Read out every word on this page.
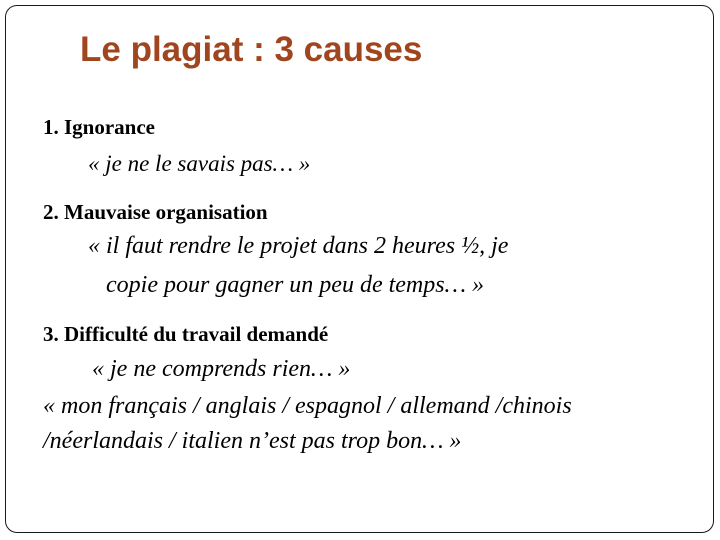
Le plagiat : 3 causes

1. Ignorance

« je ne le savais pas… »

2. Mauvaise organisation

« il faut rendre le projet dans 2 heures ½, je

copie pour gagner un peu de temps… »

3. Difficulté du travail demandé

« je ne comprends rien… »

« mon français / anglais / espagnol / allemand /chinois

/néerlandais / italien n’est pas trop bon… »
